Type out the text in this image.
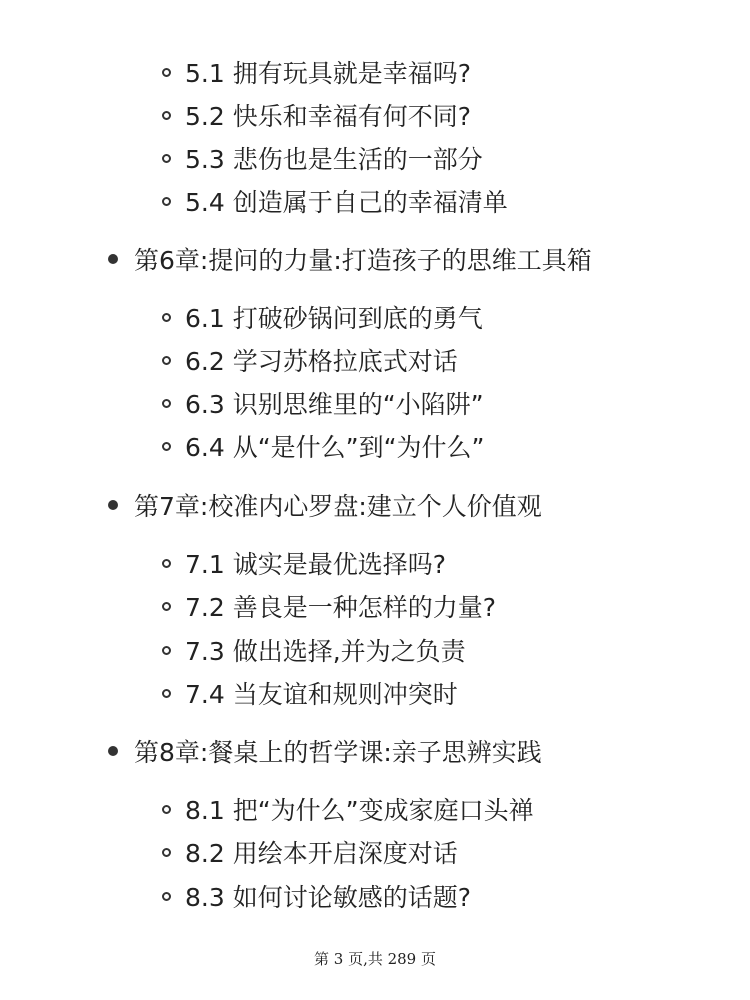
5.1 拥有玩具就是幸福吗?
5.2 快乐和幸福有何不同?
5.3 悲伤也是生活的一部分
5.4 创造属于自己的幸福清单
第6章:提问的力量:打造孩子的思维工具箱
6.1 打破砂锅问到底的勇气
6.2 学习苏格拉底式对话
6.3 识别思维里的“小陷阱”
6.4 从“是什么”到“为什么”
第7章:校准内心罗盘:建立个人价值观
7.1 诚实是最优选择吗?
7.2 善良是一种怎样的力量?
7.3 做出选择,并为之负责
7.4 当友谊和规则冲突时
第8章:餐桌上的哲学课:亲子思辨实践
8.1 把“为什么”变成家庭口头禅
8.2 用绘本开启深度对话
8.3 如何讨论敏感的话题?
第 3 页,共 289 页
